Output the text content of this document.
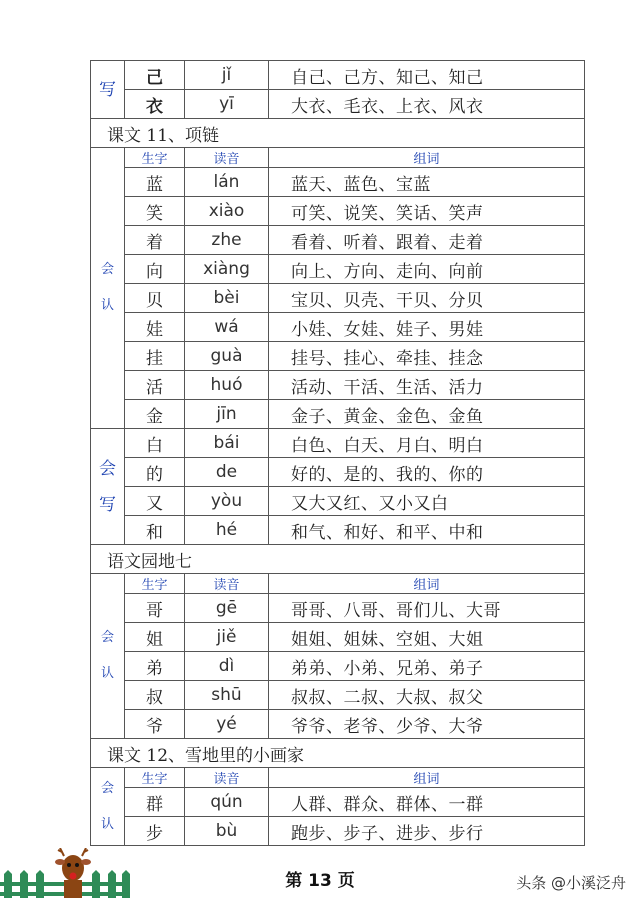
写	己	jǐ	自己、己方、知己、知己
	衣	yī	大衣、毛衣、上衣、风衣
课文 11、项链			

会
认	生字	读音	组词
	蓝	lán	蓝天、蓝色、宝蓝
	笑	xiào	可笑、说笑、笑话、笑声
	着	zhe	看着、听着、跟着、走着
	向	xiàng	向上、方向、走向、向前
	贝	bèi	宝贝、贝壳、干贝、分贝
	娃	wá	小娃、女娃、娃子、男娃
	挂	guà	挂号、挂心、牵挂、挂念
	活	huó	活动、干活、生活、活力
	金	jīn	金子、黄金、金色、金鱼

会
写	白	bái	白色、白天、月白、明白
	的	de	好的、是的、我的、你的
	又	yòu	又大又红、又小又白
	和	hé	和气、和好、和平、中和
语文园地七			

会
认	生字	读音	组词
	哥	gē	哥哥、八哥、哥们儿、大哥
	姐	jiě	姐姐、姐妹、空姐、大姐
	弟	dì	弟弟、小弟、兄弟、弟子
	叔	shū	叔叔、二叔、大叔、叔父
	爷	yé	爷爷、老爷、少爷、大爷
课文 12、雪地里的小画家			

会
认	生字	读音	组词
	群	qún	人群、群众、群体、一群
	步	bù	跑步、步子、进步、步行
第 13 页	头条 @小溪泛舟
